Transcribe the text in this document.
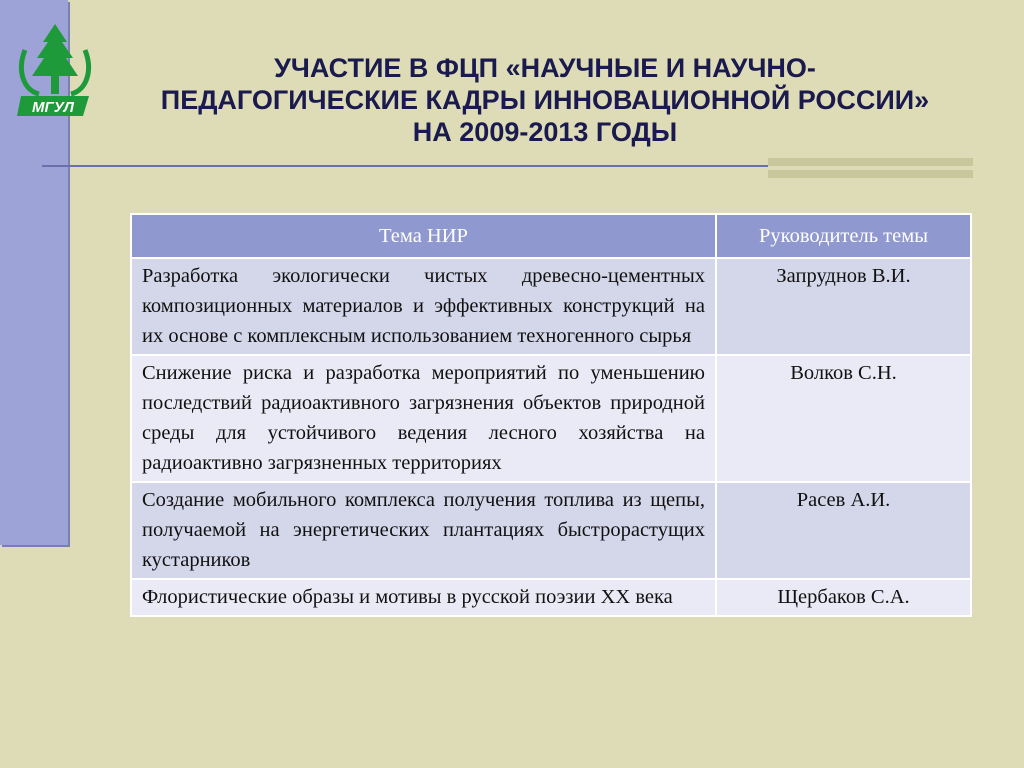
МГУЛ
УЧАСТИЕ В ФЦП «НАУЧНЫЕ И НАУЧНО-
ПЕДАГОГИЧЕСКИЕ КАДРЫ ИННОВАЦИОННОЙ РОССИИ»
НА 2009-2013 ГОДЫ
Тема НИР	Руководитель темы
Разработка экологически чистых древесно-цементных композиционных материалов и эффективных конструкций на их основе с комплексным использованием техногенного сырья	Запруднов В.И.
Снижение риска и разработка мероприятий по уменьшению последствий радиоактивного загрязнения объектов природной среды для устойчивого ведения лесного хозяйства на радиоактивно загрязненных территориях	Волков С.Н.
Создание мобильного комплекса получения топлива из щепы, получаемой на энергетических плантациях быстрорастущих кустарников	Расев А.И.
Флористические образы и мотивы в русской поэзии XX века	Щербаков С.А.
